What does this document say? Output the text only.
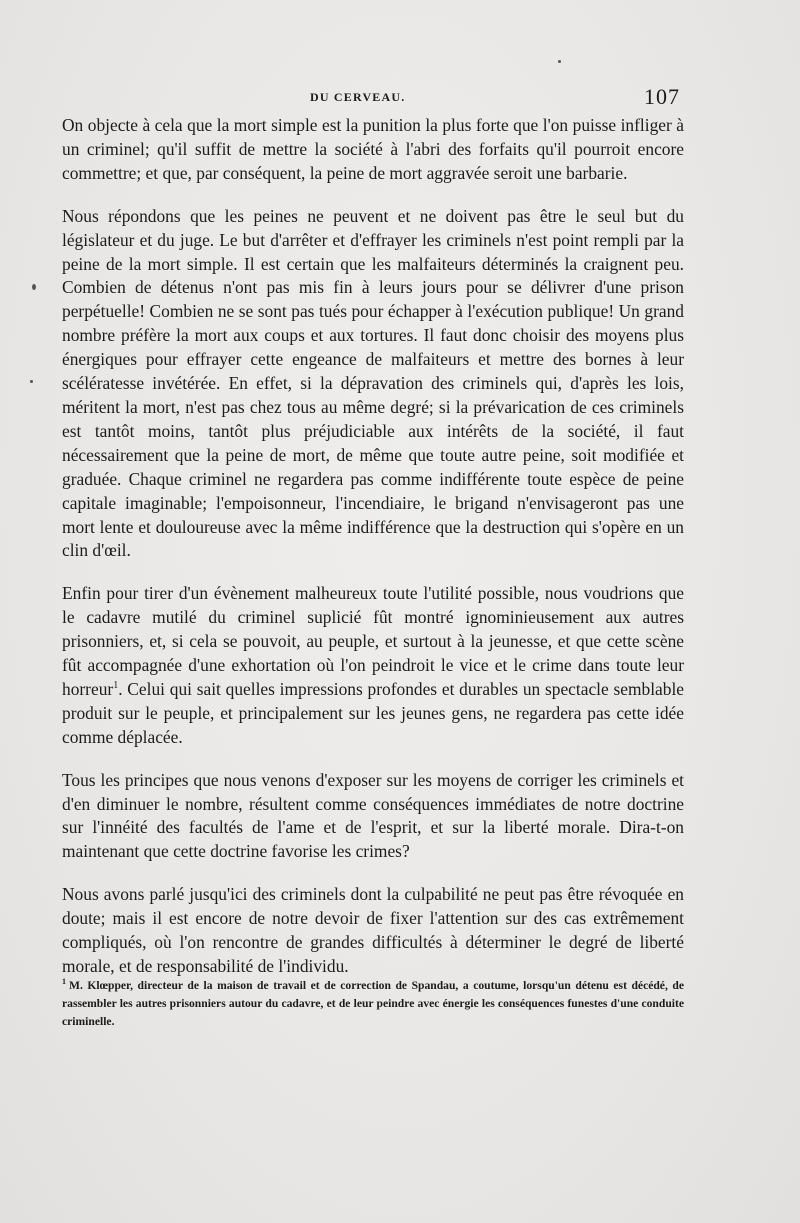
DU CERVEAU.	107

On objecte à cela que la mort simple est la punition la plus forte que l'on puisse infliger à un criminel; qu'il suffit de mettre la société à l'abri des forfaits qu'il pourroit encore commettre; et que, par conséquent, la peine de mort aggravée seroit une barbarie.

Nous répondons que les peines ne peuvent et ne doivent pas être le seul but du législateur et du juge. Le but d'arrêter et d'effrayer les criminels n'est point rempli par la peine de la mort simple. Il est certain que les malfaiteurs déterminés la craignent peu. Combien de détenus n'ont pas mis fin à leurs jours pour se délivrer d'une prison perpétuelle! Combien ne se sont pas tués pour échapper à l'exécution publique! Un grand nombre préfère la mort aux coups et aux tortures. Il faut donc choisir des moyens plus énergiques pour effrayer cette engeance de malfaiteurs et mettre des bornes à leur scélératesse invétérée. En effet, si la dépravation des criminels qui, d'après les lois, méritent la mort, n'est pas chez tous au même degré; si la prévarication de ces criminels est tantôt moins, tantôt plus préjudiciable aux intérêts de la société, il faut nécessairement que la peine de mort, de même que toute autre peine, soit modifiée et graduée. Chaque criminel ne regardera pas comme indifférente toute espèce de peine capitale imaginable; l'empoisonneur, l'incendiaire, le brigand n'envisageront pas une mort lente et douloureuse avec la même indifférence que la destruction qui s'opère en un clin d'œil.

Enfin pour tirer d'un évènement malheureux toute l'utilité possible, nous voudrions que le cadavre mutilé du criminel suplicié fût montré ignominieusement aux autres prisonniers, et, si cela se pouvoit, au peuple, et surtout à la jeunesse, et que cette scène fût accompagnée d'une exhortation où l'on peindroit le vice et le crime dans toute leur horreur$^1$. Celui qui sait quelles impressions profondes et durables un spectacle semblable produit sur le peuple, et principalement sur les jeunes gens, ne regardera pas cette idée comme déplacée.

Tous les principes que nous venons d'exposer sur les moyens de corriger les criminels et d'en diminuer le nombre, résultent comme conséquences immédiates de notre doctrine sur l'innéité des facultés de l'ame et de l'esprit, et sur la liberté morale. Dira-t-on maintenant que cette doctrine favorise les crimes?

Nous avons parlé jusqu'ici des criminels dont la culpabilité ne peut pas être révoquée en doute; mais il est encore de notre devoir de fixer l'attention sur des cas extrêmement compliqués, où l'on rencontre de grandes difficultés à déterminer le degré de liberté morale, et de responsabilité de l'individu.

$^1$ M. Klœpper, directeur de la maison de travail et de correction de Spandau, a coutume, lorsqu'un détenu est décédé, de rassembler les autres prisonniers autour du cadavre, et de leur peindre avec énergie les conséquences funestes d'une conduite criminelle.
